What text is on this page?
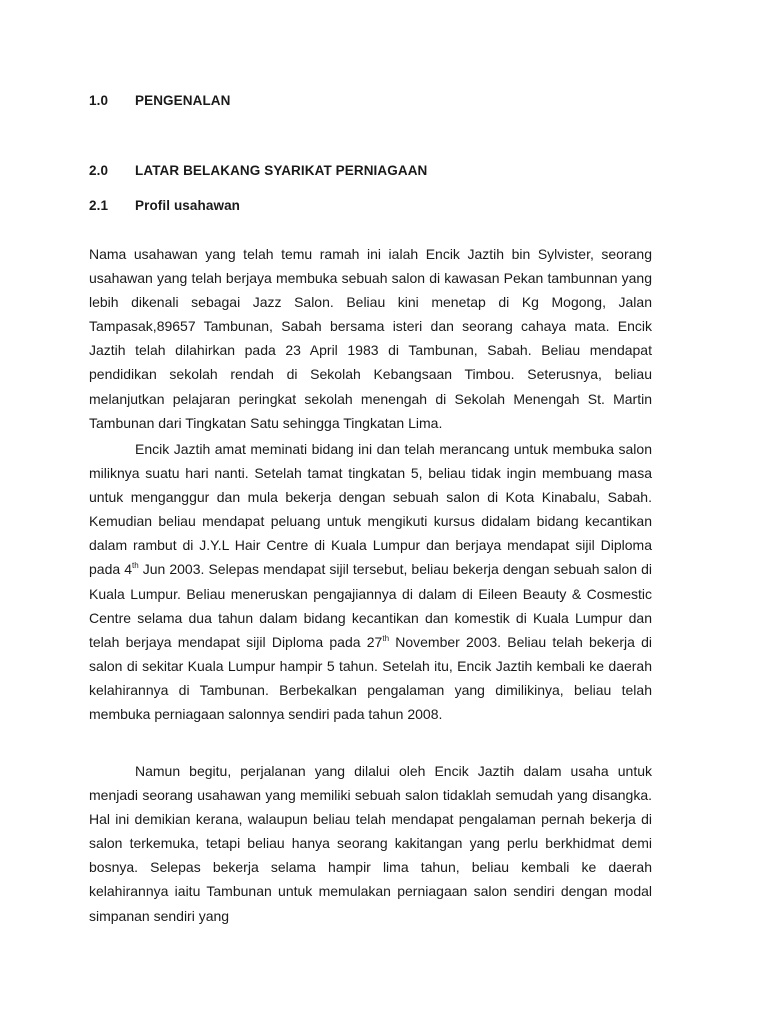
1.0 PENGENALAN
2.0 LATAR BELAKANG SYARIKAT PERNIAGAAN
2.1 Profil usahawan

Nama usahawan yang telah temu ramah ini ialah Encik Jaztih bin Sylvister, seorang usahawan yang telah berjaya membuka sebuah salon di kawasan Pekan tambunnan yang lebih dikenali sebagai Jazz Salon. Beliau kini menetap di Kg Mogong, Jalan Tampasak,89657 Tambunan, Sabah bersama isteri dan seorang cahaya mata. Encik Jaztih telah dilahirkan pada 23 April 1983 di Tambunan, Sabah. Beliau mendapat pendidikan sekolah rendah di Sekolah Kebangsaan Timbou. Seterusnya, beliau melanjutkan pelajaran peringkat sekolah menengah di Sekolah Menengah St. Martin Tambunan dari Tingkatan Satu sehingga Tingkatan Lima.

Encik Jaztih amat meminati bidang ini dan telah merancang untuk membuka salon miliknya suatu hari nanti. Setelah tamat tingkatan 5, beliau tidak ingin membuang masa untuk menganggur dan mula bekerja dengan sebuah salon di Kota Kinabalu, Sabah. Kemudian beliau mendapat peluang untuk mengikuti kursus didalam bidang kecantikan dalam rambut di J.Y.L Hair Centre di Kuala Lumpur dan berjaya mendapat sijil Diploma pada 4th Jun 2003. Selepas mendapat sijil tersebut, beliau bekerja dengan sebuah salon di Kuala Lumpur. Beliau meneruskan pengajiannya di dalam di Eileen Beauty & Cosmestic Centre selama dua tahun dalam bidang kecantikan dan komestik di Kuala Lumpur dan telah berjaya mendapat sijil Diploma pada 27th November 2003. Beliau telah bekerja di salon di sekitar Kuala Lumpur hampir 5 tahun. Setelah itu, Encik Jaztih kembali ke daerah kelahirannya di Tambunan. Berbekalkan pengalaman yang dimilikinya, beliau telah membuka perniagaan salonnya sendiri pada tahun 2008.

Namun begitu, perjalanan yang dilalui oleh Encik Jaztih dalam usaha untuk menjadi seorang usahawan yang memiliki sebuah salon tidaklah semudah yang disangka. Hal ini demikian kerana, walaupun beliau telah mendapat pengalaman pernah bekerja di salon terkemuka, tetapi beliau hanya seorang kakitangan yang perlu berkhidmat demi bosnya. Selepas bekerja selama hampir lima tahun, beliau kembali ke daerah kelahirannya iaitu Tambunan untuk memulakan perniagaan salon sendiri dengan modal simpanan sendiri yang
